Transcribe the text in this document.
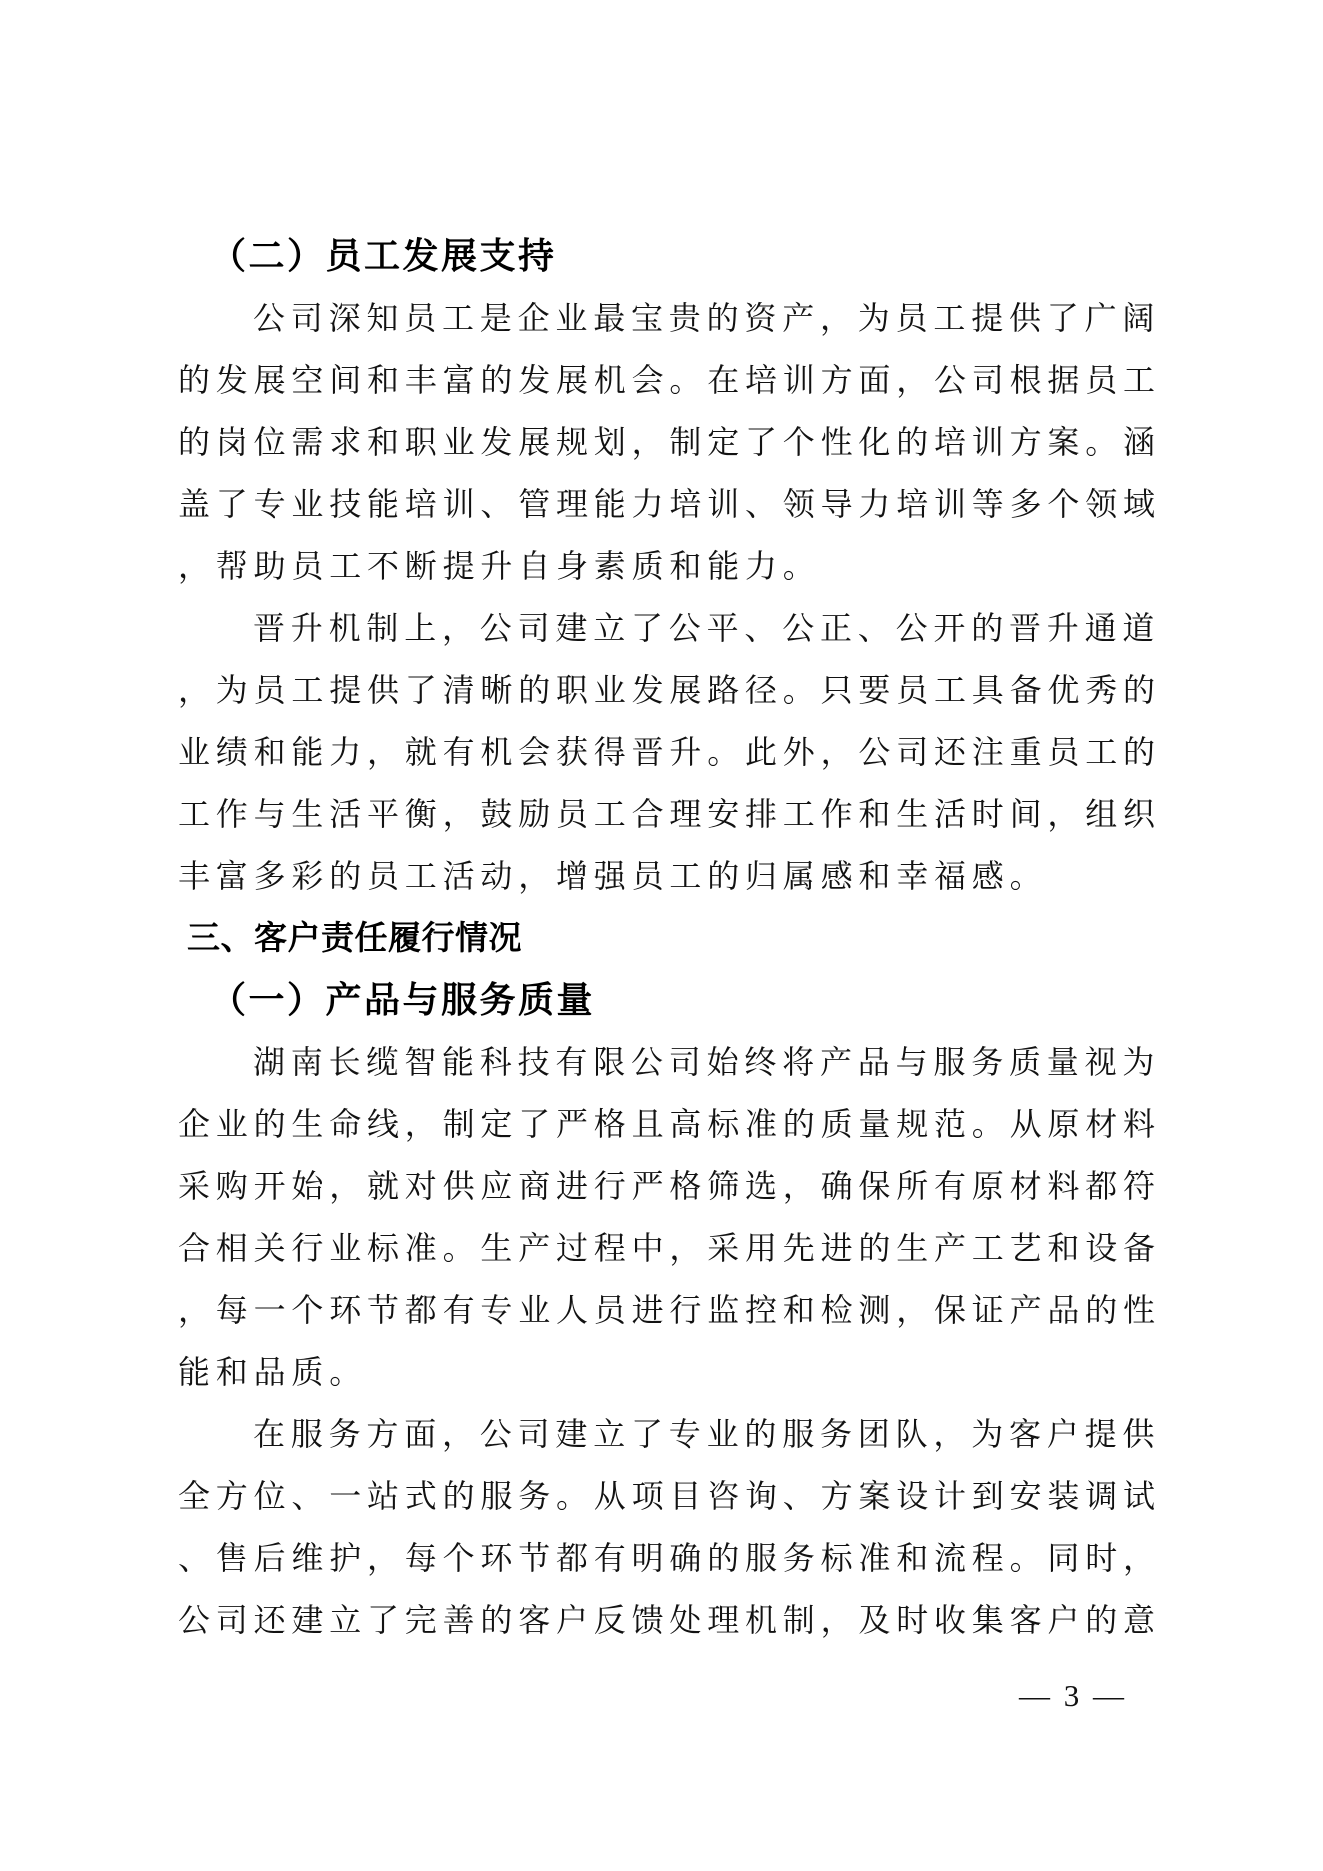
（二）员工发展支持
公司深知员工是企业最宝贵的资产，为员工提供了广阔
的发展空间和丰富的发展机会。在培训方面，公司根据员工
的岗位需求和职业发展规划，制定了个性化的培训方案。涵
盖了专业技能培训、管理能力培训、领导力培训等多个领域
，帮助员工不断提升自身素质和能力。
晋升机制上，公司建立了公平、公正、公开的晋升通道
，为员工提供了清晰的职业发展路径。只要员工具备优秀的
业绩和能力，就有机会获得晋升。此外，公司还注重员工的
工作与生活平衡，鼓励员工合理安排工作和生活时间，组织
丰富多彩的员工活动，增强员工的归属感和幸福感。
三、客户责任履行情况
（一）产品与服务质量
湖南长缆智能科技有限公司始终将产品与服务质量视为
企业的生命线，制定了严格且高标准的质量规范。从原材料
采购开始，就对供应商进行严格筛选，确保所有原材料都符
合相关行业标准。生产过程中，采用先进的生产工艺和设备
，每一个环节都有专业人员进行监控和检测，保证产品的性
能和品质。
在服务方面，公司建立了专业的服务团队，为客户提供
全方位、一站式的服务。从项目咨询、方案设计到安装调试
、售后维护，每个环节都有明确的服务标准和流程。同时，
公司还建立了完善的客户反馈处理机制，及时收集客户的意
— 3 —
